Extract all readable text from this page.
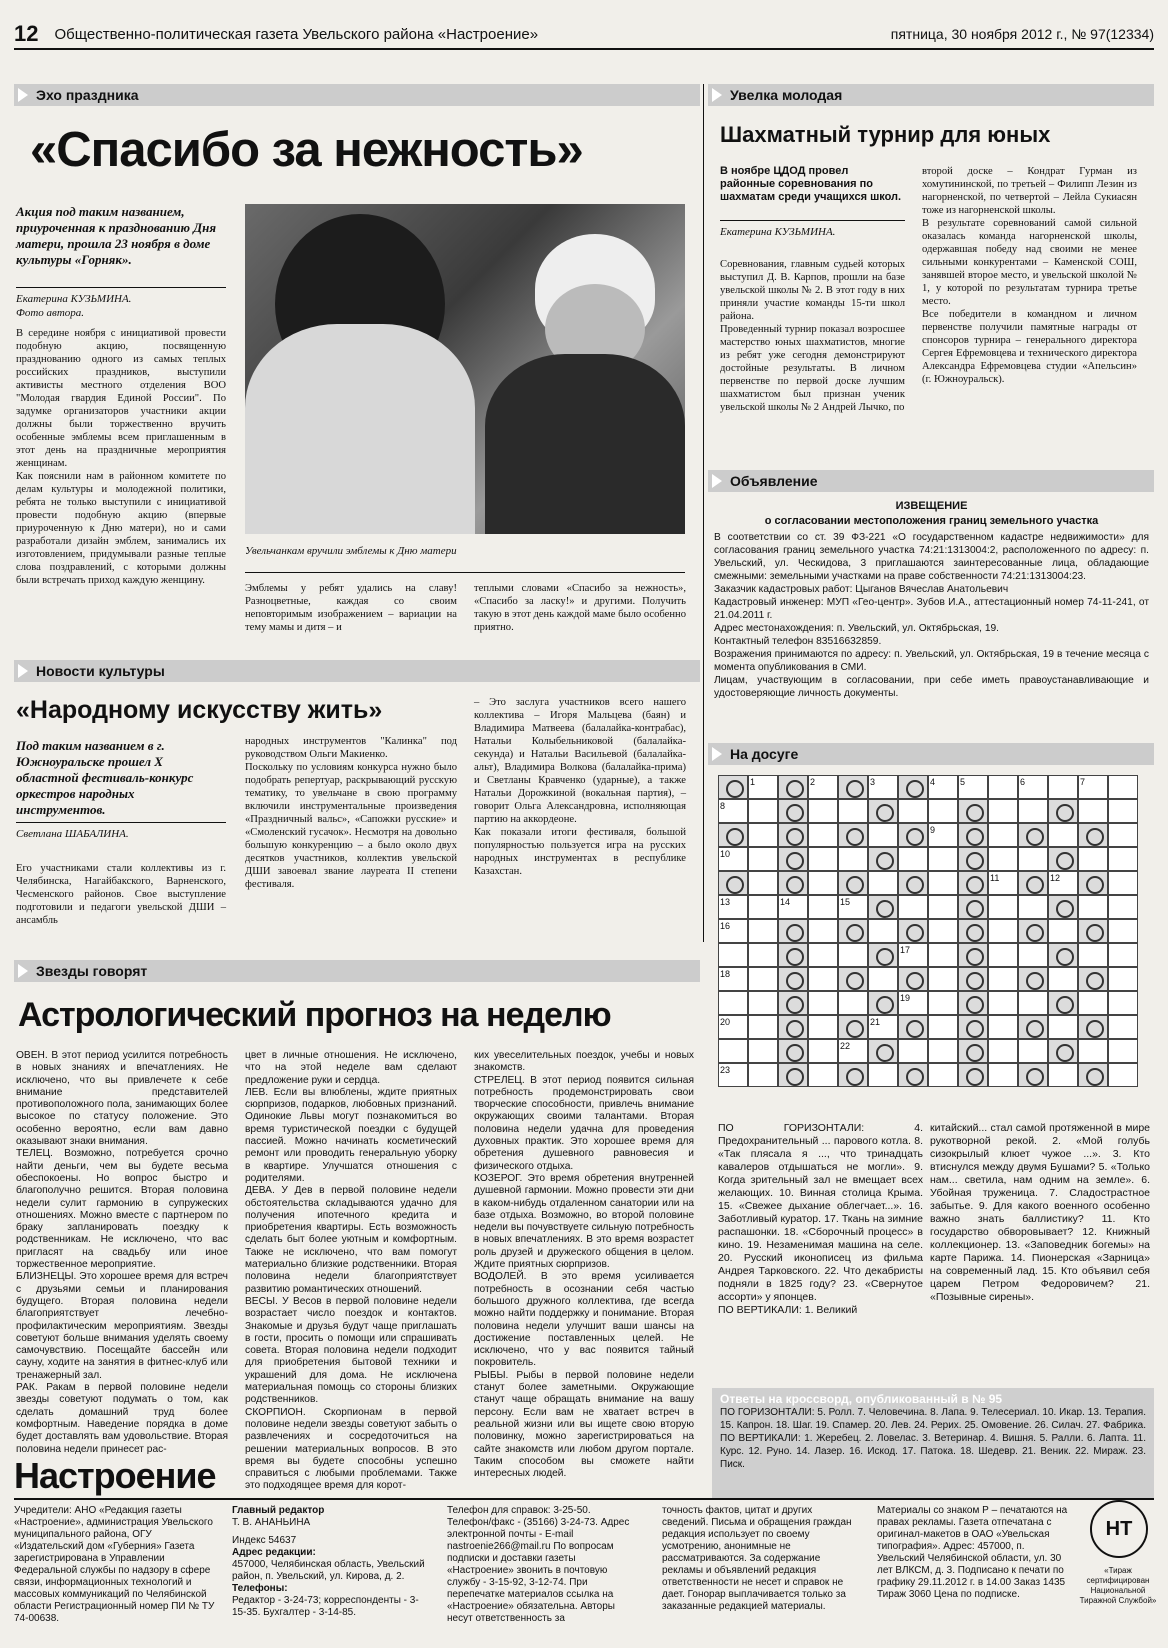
12 Общественно-политическая газета Увельского района «Настроение»	пятница, 30 ноября 2012 г., № 97(12334)
Эхо праздника
«Спасибо за нежность»
Акция под таким названием, приуроченная к празднованию Дня матери, прошла 23 ноября в доме культуры «Горняк».
Екатерина КУЗЬМИНА.
Фото автора.
В середине ноября с инициативой провести подобную акцию, посвященную празднованию одного из самых теплых российских праздников, выступили активисты местного отделения ВОО "Молодая гвардия Единой России". По задумке организаторов участники акции должны были торжественно вручить особенные эмблемы всем приглашенным в этот день на праздничные мероприятия женщинам.
Как пояснили нам в районном комитете по делам культуры и молодежной политики, ребята не только выступили с инициативой провести подобную акцию (впервые приуроченную к Дню матери), но и сами разработали дизайн эмблем, занимались их изготовлением, придумывали разные теплые слова поздравлений, с которыми должны были встречать приход каждую женщину.
Увельчанкам вручили эмблемы к Дню матери
Эмблемы у ребят удались на славу! Разноцветные, каждая со своим неповторимым изображением – вариации на тему мамы и дитя – и
теплыми словами «Спасибо за нежность», «Спасибо за ласку!» и другими. Получить такую в этот день каждой маме было особенно приятно.
Увелка молодая
Шахматный турнир для юных
В ноябре ЦДОД провел районные соревнования по шахматам среди учащихся школ.
Екатерина КУЗЬМИНА.
Соревнования, главным судьей которых выступил Д. В. Карпов, прошли на базе увельской школы № 2. В этот году в них приняли участие команды 15-ти школ района.
Проведенный турнир показал возросшее мастерство юных шахматистов, многие из ребят уже сегодня демонстрируют достойные результаты. В личном первенстве по первой доске лучшим шахматистом был признан ученик увельской школы № 2 Андрей Лычко, по
второй доске – Кондрат Гурман из хомутининской, по третьей – Филипп Лезин из нагорненской, по четвертой – Лейла Сукиасян тоже из нагорненской школы.
В результате соревнований самой сильной оказалась команда нагорненской школы, одержавшая победу над своими не менее сильными конкурентами – Каменской СОШ, занявшей второе место, и увельской школой № 1, у которой по результатам турнира третье место.
Все победители в командном и личном первенстве получили памятные награды от спонсоров турнира – генерального директора Сергея Ефремовцева и технического директора Александра Ефремовцева студии «Апельсин» (г. Южноуральск).
Объявление
ИЗВЕЩЕНИЕ
о согласовании местоположения границ земельного участка
В соответствии со ст. 39 ФЗ-221 «О государственном кадастре недвижимости» для согласования границ земельного участка 74:21:1313004:2, расположенного по адресу: п. Увельский, ул. Ческидова, 3 приглашаются заинтересованные лица, обладающие смежными: земельными участками на праве собственности 74:21:1313004:23.
Заказчик кадастровых работ: Цыганов Вячеслав Анатольевич
Кадастровый инженер: МУП «Гео-центр». Зубов И.А., аттестационный номер 74-11-241, от 21.04.2011 г.
Адрес местонахождения: п. Увельский, ул. Октябрьская, 19.
Контактный телефон 83516632859.
Возражения принимаются по адресу: п. Увельский, ул. Октябрьская, 19 в течение месяца с момента опубликования в СМИ.
Лицам, участвующим в согласовании, при себе иметь правоустанавливающие и удостоверяющие личность документы.
Новости культуры
«Народному искусству жить»
Под таким названием в г. Южноуральске прошел X областной фестиваль-конкурс оркестров народных инструментов.
Светлана ШАБАЛИНА.
Его участниками стали коллективы из г. Челябинска, Нагайбакского, Варненского, Чесменского районов. Свое выступление подготовили и педагоги увельской ДШИ – ансамбль
народных инструментов "Калинка" под руководством Ольги Макиенко.
Поскольку по условиям конкурса нужно было подобрать репертуар, раскрывающий русскую тематику, то увельчане в свою программу включили инструментальные произведения «Праздничный вальс», «Сапожки русские» и «Смоленский гусачок». Несмотря на довольно большую конкуренцию – а было около двух десятков участников, коллектив увельской ДШИ завоевал звание лауреата II степени фестиваля.
– Это заслуга участников всего нашего коллектива – Игоря Мальцева (баян) и Владимира Матвеева (балалайка-контрабас), Натальи Колыбельниковой (балалайка-секунда) и Натальи Васильевой (балалайка-альт), Владимира Волкова (балалайка-прима) и Светланы Кравченко (ударные), а также Натальи Дорожкиной (вокальная партия), – говорит Ольга Александровна, исполняющая партию на аккордеоне.
Как показали итоги фестиваля, большой популярностью пользуется игра на русских народных инструментах в республике Казахстан.
На досуге
1	2	3	4	5	6	7
8
9
10
11	12
13	14	15
16
17
18
19
20	21
22
23
ПО ГОРИЗОНТАЛИ: 4. Предохранительный ... парового котла. 8. «Так плясала я ..., что тринадцать кавалеров отдышаться не могли». 9. Когда зрительный зал не вмещает всех желающих. 10. Винная столица Крыма. 15. «Свежее дыхание облегчает...». 16. Заботливый куратор. 17. Ткань на зимние распашонки. 18. «Сборочный процесс» в кино. 19. Незаменимая машина на селе. 20. Русский иконописец из фильма Андрея Тарковского. 22. Что декабристы подняли в 1825 году? 23. «Свернутое ассорти» у японцев.
ПО ВЕРТИКАЛИ: 1. Великий
китайский... стал самой протяженной в мире рукотворной рекой. 2. «Мой голубь сизокрылый клюет чужое ...». 3. Кто втиснулся между двумя Бушами? 5. «Только нам... светила, нам одним на земле». 6. Убойная труженица. 7. Сладострастное забытье. 9. Для какого военного особенно важно знать баллистику? 11. Кто государство обворовывает? 12. Книжный коллекционер. 13. «Заповедник богемы» на карте Парижа. 14. Пионерская «Зарница» на современный лад. 15. Кто объявил себя царем Петром Федоровичем? 21. «Позывные сирены».
Ответы на кроссворд, опубликованный в № 95
ПО ГОРИЗОНТАЛИ: 5. Ролл. 7. Человечина. 8. Лапа. 9. Телесериал. 10. Икар. 13. Терапия. 15. Капрон. 18. Шаг. 19. Спамер. 20. Лев. 24. Рерих. 25. Омовение. 26. Силач. 27. Фабрика. ПО ВЕРТИКАЛИ: 1. Жеребец. 2. Ловелас. 3. Ветеринар. 4. Вишня. 5. Ралли. 6. Лапта. 11. Курс. 12. Руно. 14. Лазер. 16. Искод. 17. Патока. 18. Шедевр. 21. Веник. 22. Мираж. 23. Писк.
Звезды говорят
Астрологический прогноз на неделю
ОВЕН. В этот период усилится потребность в новых знаниях и впечатлениях. Не исключено, что вы привлечете к себе внимание представителей противоположного пола, занимающих более высокое по статусу положение. Это особенно вероятно, если вам давно оказывают знаки внимания.
ТЕЛЕЦ. Возможно, потребуется срочно найти деньги, чем вы будете весьма обеспокоены. Но вопрос быстро и благополучно решится. Вторая половина недели сулит гармонию в супружеских отношениях. Можно вместе с партнером по браку запланировать поездку к родственникам. Не исключено, что вас пригласят на свадьбу или иное торжественное мероприятие.
БЛИЗНЕЦЫ. Это хорошее время для встреч с друзьями семьи и планирования будущего. Вторая половина недели благоприятствует лечебно-профилактическим мероприятиям. Звезды советуют больше внимания уделять своему самочувствию. Посещайте бассейн или сауну, ходите на занятия в фитнес-клуб или тренажерный зал.
РАК. Ракам в первой половине недели звезды советуют подумать о том, как сделать домашний труд более комфортным. Наведение порядка в доме будет доставлять вам удовольствие. Вторая половина недели принесет рас-
цвет в личные отношения. Не исключено, что на этой неделе вам сделают предложение руки и сердца.
ЛЕВ. Если вы влюблены, ждите приятных сюрпризов, подарков, любовных признаний. Одинокие Львы могут познакомиться во время туристической поездки с будущей пассией. Можно начинать косметический ремонт или проводить генеральную уборку в квартире. Улучшатся отношения с родителями.
ДЕВА. У Дев в первой половине недели обстоятельства складываются удачно для получения ипотечного кредита и приобретения квартиры. Есть возможность сделать быт более уютным и комфортным. Также не исключено, что вам помогут материально близкие родственники. Вторая половина недели благоприятствует развитию романтических отношений.
ВЕСЫ. У Весов в первой половине недели возрастает число поездок и контактов. Знакомые и друзья будут чаще приглашать в гости, просить о помощи или спрашивать совета. Вторая половина недели подходит для приобретения бытовой техники и украшений для дома. Не исключена материальная помощь со стороны близких родственников.
СКОРПИОН. Скорпионам в первой половине недели звезды советуют забыть о развлечениях и сосредоточиться на решении материальных вопросов. В это время вы будете способны успешно справиться с любыми проблемами. Также это подходящее время для корот-
ких увеселительных поездок, учебы и новых знакомств.
СТРЕЛЕЦ. В этот период появится сильная потребность продемонстрировать свои творческие способности, привлечь внимание окружающих своими талантами. Вторая половина недели удачна для проведения духовных практик. Это хорошее время для обретения душевного равновесия и физического отдыха.
КОЗЕРОГ. Это время обретения внутренней душевной гармонии. Можно провести эти дни в каком-нибудь отдаленном санатории или на базе отдыха. Возможно, во второй половине недели вы почувствуете сильную потребность в новых впечатлениях. В это время возрастет роль друзей и дружеского общения в целом. Ждите приятных сюрпризов.
ВОДОЛЕЙ. В это время усиливается потребность в осознании себя частью большого дружного коллектива, где всегда можно найти поддержку и понимание. Вторая половина недели улучшит ваши шансы на достижение поставленных целей. Не исключено, что у вас появится тайный покровитель.
РЫБЫ. Рыбы в первой половине недели станут более заметными. Окружающие станут чаще обращать внимание на вашу персону. Если вам не хватает встреч в реальной жизни или вы ищете свою вторую половинку, можно зарегистрироваться на сайте знакомств или любом другом портале. Таким способом вы сможете найти интересных людей.
Настроение
Учредители: АНО «Редакция газеты «Настроение», администрация Увельского муниципального района, ОГУ «Издательский дом «Губерния» Газета зарегистрирована в Управлении Федеральной службы по надзору в сфере связи, информационных технологий и массовых коммуникаций по Челябинской области Регистрационный номер ПИ № ТУ 74-00638.
Главный редактор
Т. В. АНАНЬИНА
Индекс 54637
Адрес редакции:
457000, Челябинская область, Увельский район, п. Увельский, ул. Кирова, д. 2.
Телефоны:
Редактор - 3-24-73; корреспонденты - 3-15-35. Бухгалтер - 3-14-85.
Телефон для справок: 3-25-50. Телефон/факс - (35166) 3-24-73. Адрес электронной почты - E-mail nastroenie266@mail.ru По вопросам подписки и доставки газеты «Настроение» звонить в почтовую службу - 3-15-92, 3-12-74. При перепечатке материалов ссылка на «Настроение» обязательна. Авторы несут ответственность за
точность фактов, цитат и других сведений. Письма и обращения граждан редакция использует по своему усмотрению, анонимные не рассматриваются. За содержание рекламы и объявлений редакция ответственности не несет и справок не дает. Гонорар выплачивается только за заказанные редакцией материалы.
Материалы со знаком Р – печатаются на правах рекламы. Газета отпечатана с оригинал-макетов в ОАО «Увельская типография». Адрес: 457000, п. Увельский Челябинской области, ул. 30 лет ВЛКСМ, д. 3. Подписано к печати по графику 29.11.2012 г. в 14.00 Заказ 1435 Тираж 3060 Цена по подписке.
НТ
«Тираж сертифицирован Национальной Тиражной Службой»
